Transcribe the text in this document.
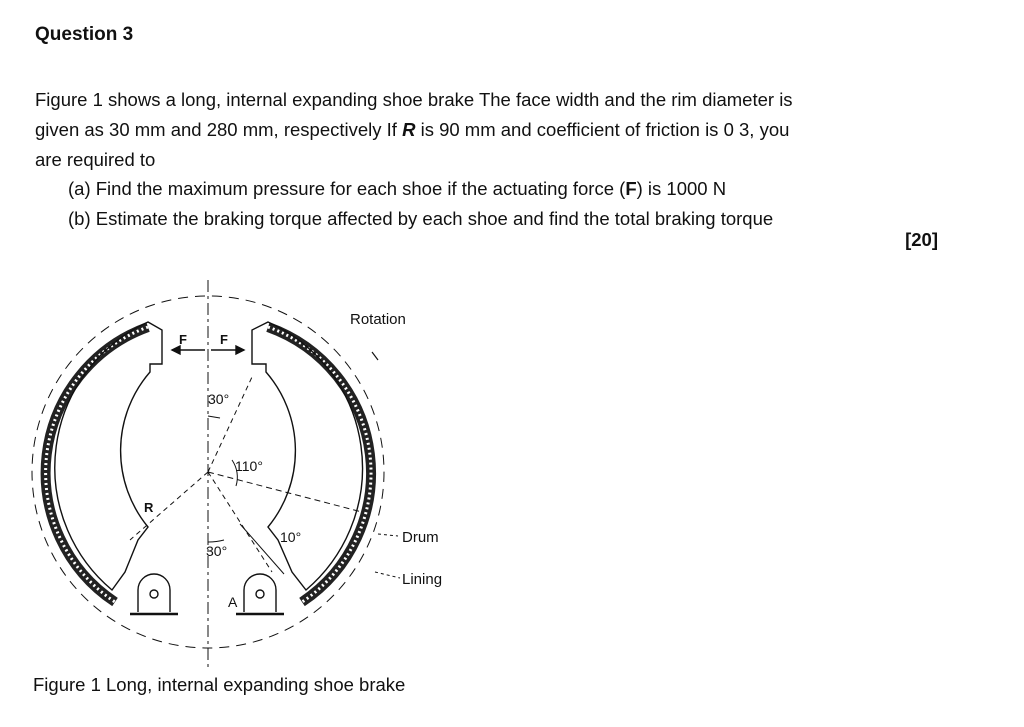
Question 3

Figure 1 shows a long, internal expanding shoe brake The face width and the rim diameter is

given as 30 mm and 280 mm, respectively If R is 90 mm and coefficient of friction is 0 3, you

are required to

(a) Find the maximum pressure for each shoe if the actuating force (F) is 1000 N
(b) Estimate the braking torque affected by each shoe and find the total braking torque
[20]
F	F
Rotation
30°
110°
30°
10°
R
Drum
Lining
A
Figure 1 Long, internal expanding shoe brake
